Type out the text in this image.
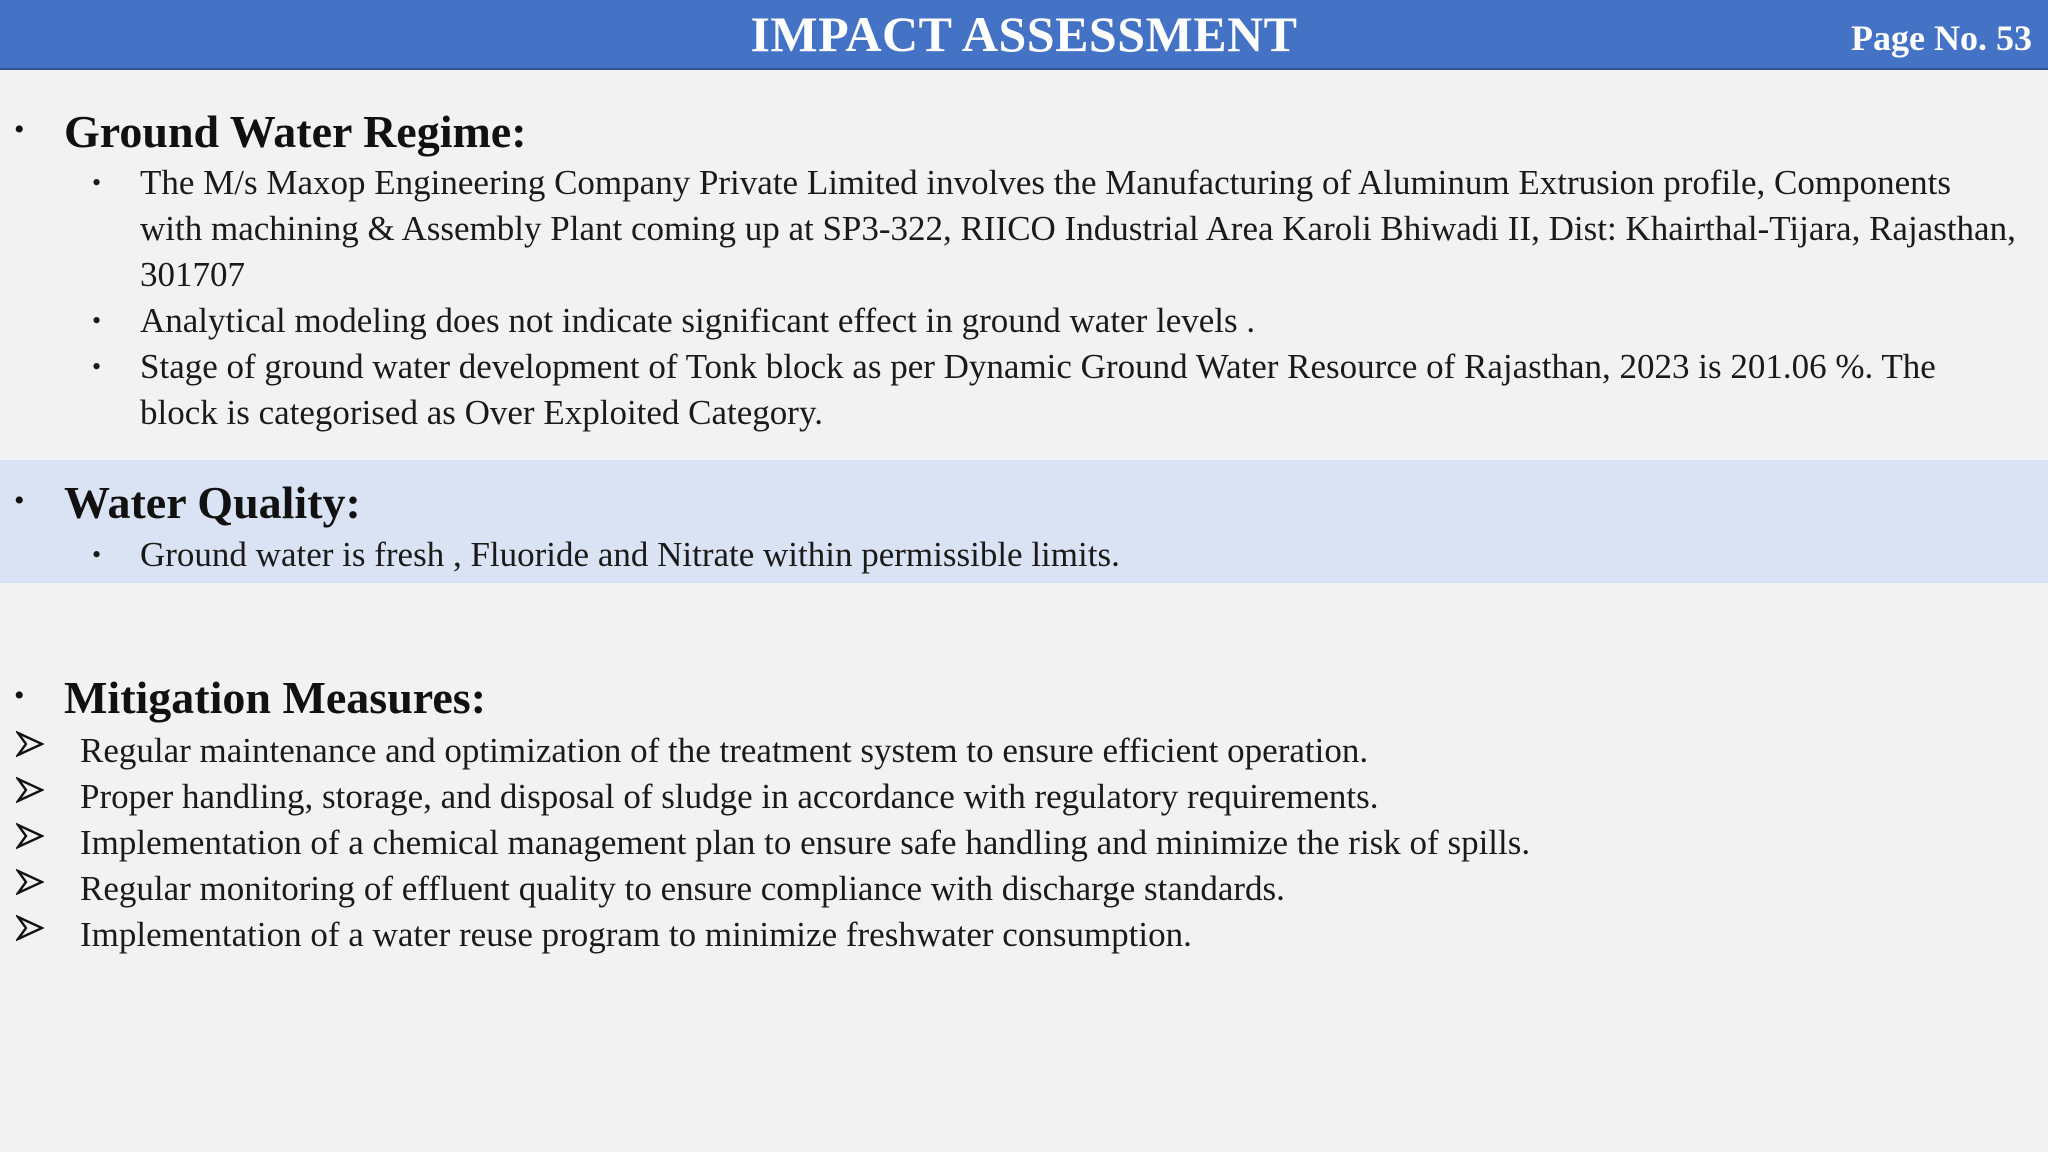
IMPACT ASSESSMENT	Page No. 53
• Ground Water Regime:
• The M/s Maxop Engineering Company Private Limited involves the Manufacturing of Aluminum Extrusion profile, Components with machining & Assembly Plant coming up at SP3-322, RIICO Industrial Area Karoli Bhiwadi II, Dist: Khairthal-Tijara, Rajasthan, 301707
• Analytical modeling does not indicate significant effect in ground water levels .
• Stage of ground water development of Tonk block as per Dynamic Ground Water Resource of Rajasthan, 2023 is 201.06 %. The block is categorised as Over Exploited Category.
• Water Quality:
• Ground water is fresh , Fluoride and Nitrate within permissible limits.
• Mitigation Measures:
Regular maintenance and optimization of the treatment system to ensure efficient operation.
Proper handling, storage, and disposal of sludge in accordance with regulatory requirements.
Implementation of a chemical management plan to ensure safe handling and minimize the risk of spills.
Regular monitoring of effluent quality to ensure compliance with discharge standards.
Implementation of a water reuse program to minimize freshwater consumption.
